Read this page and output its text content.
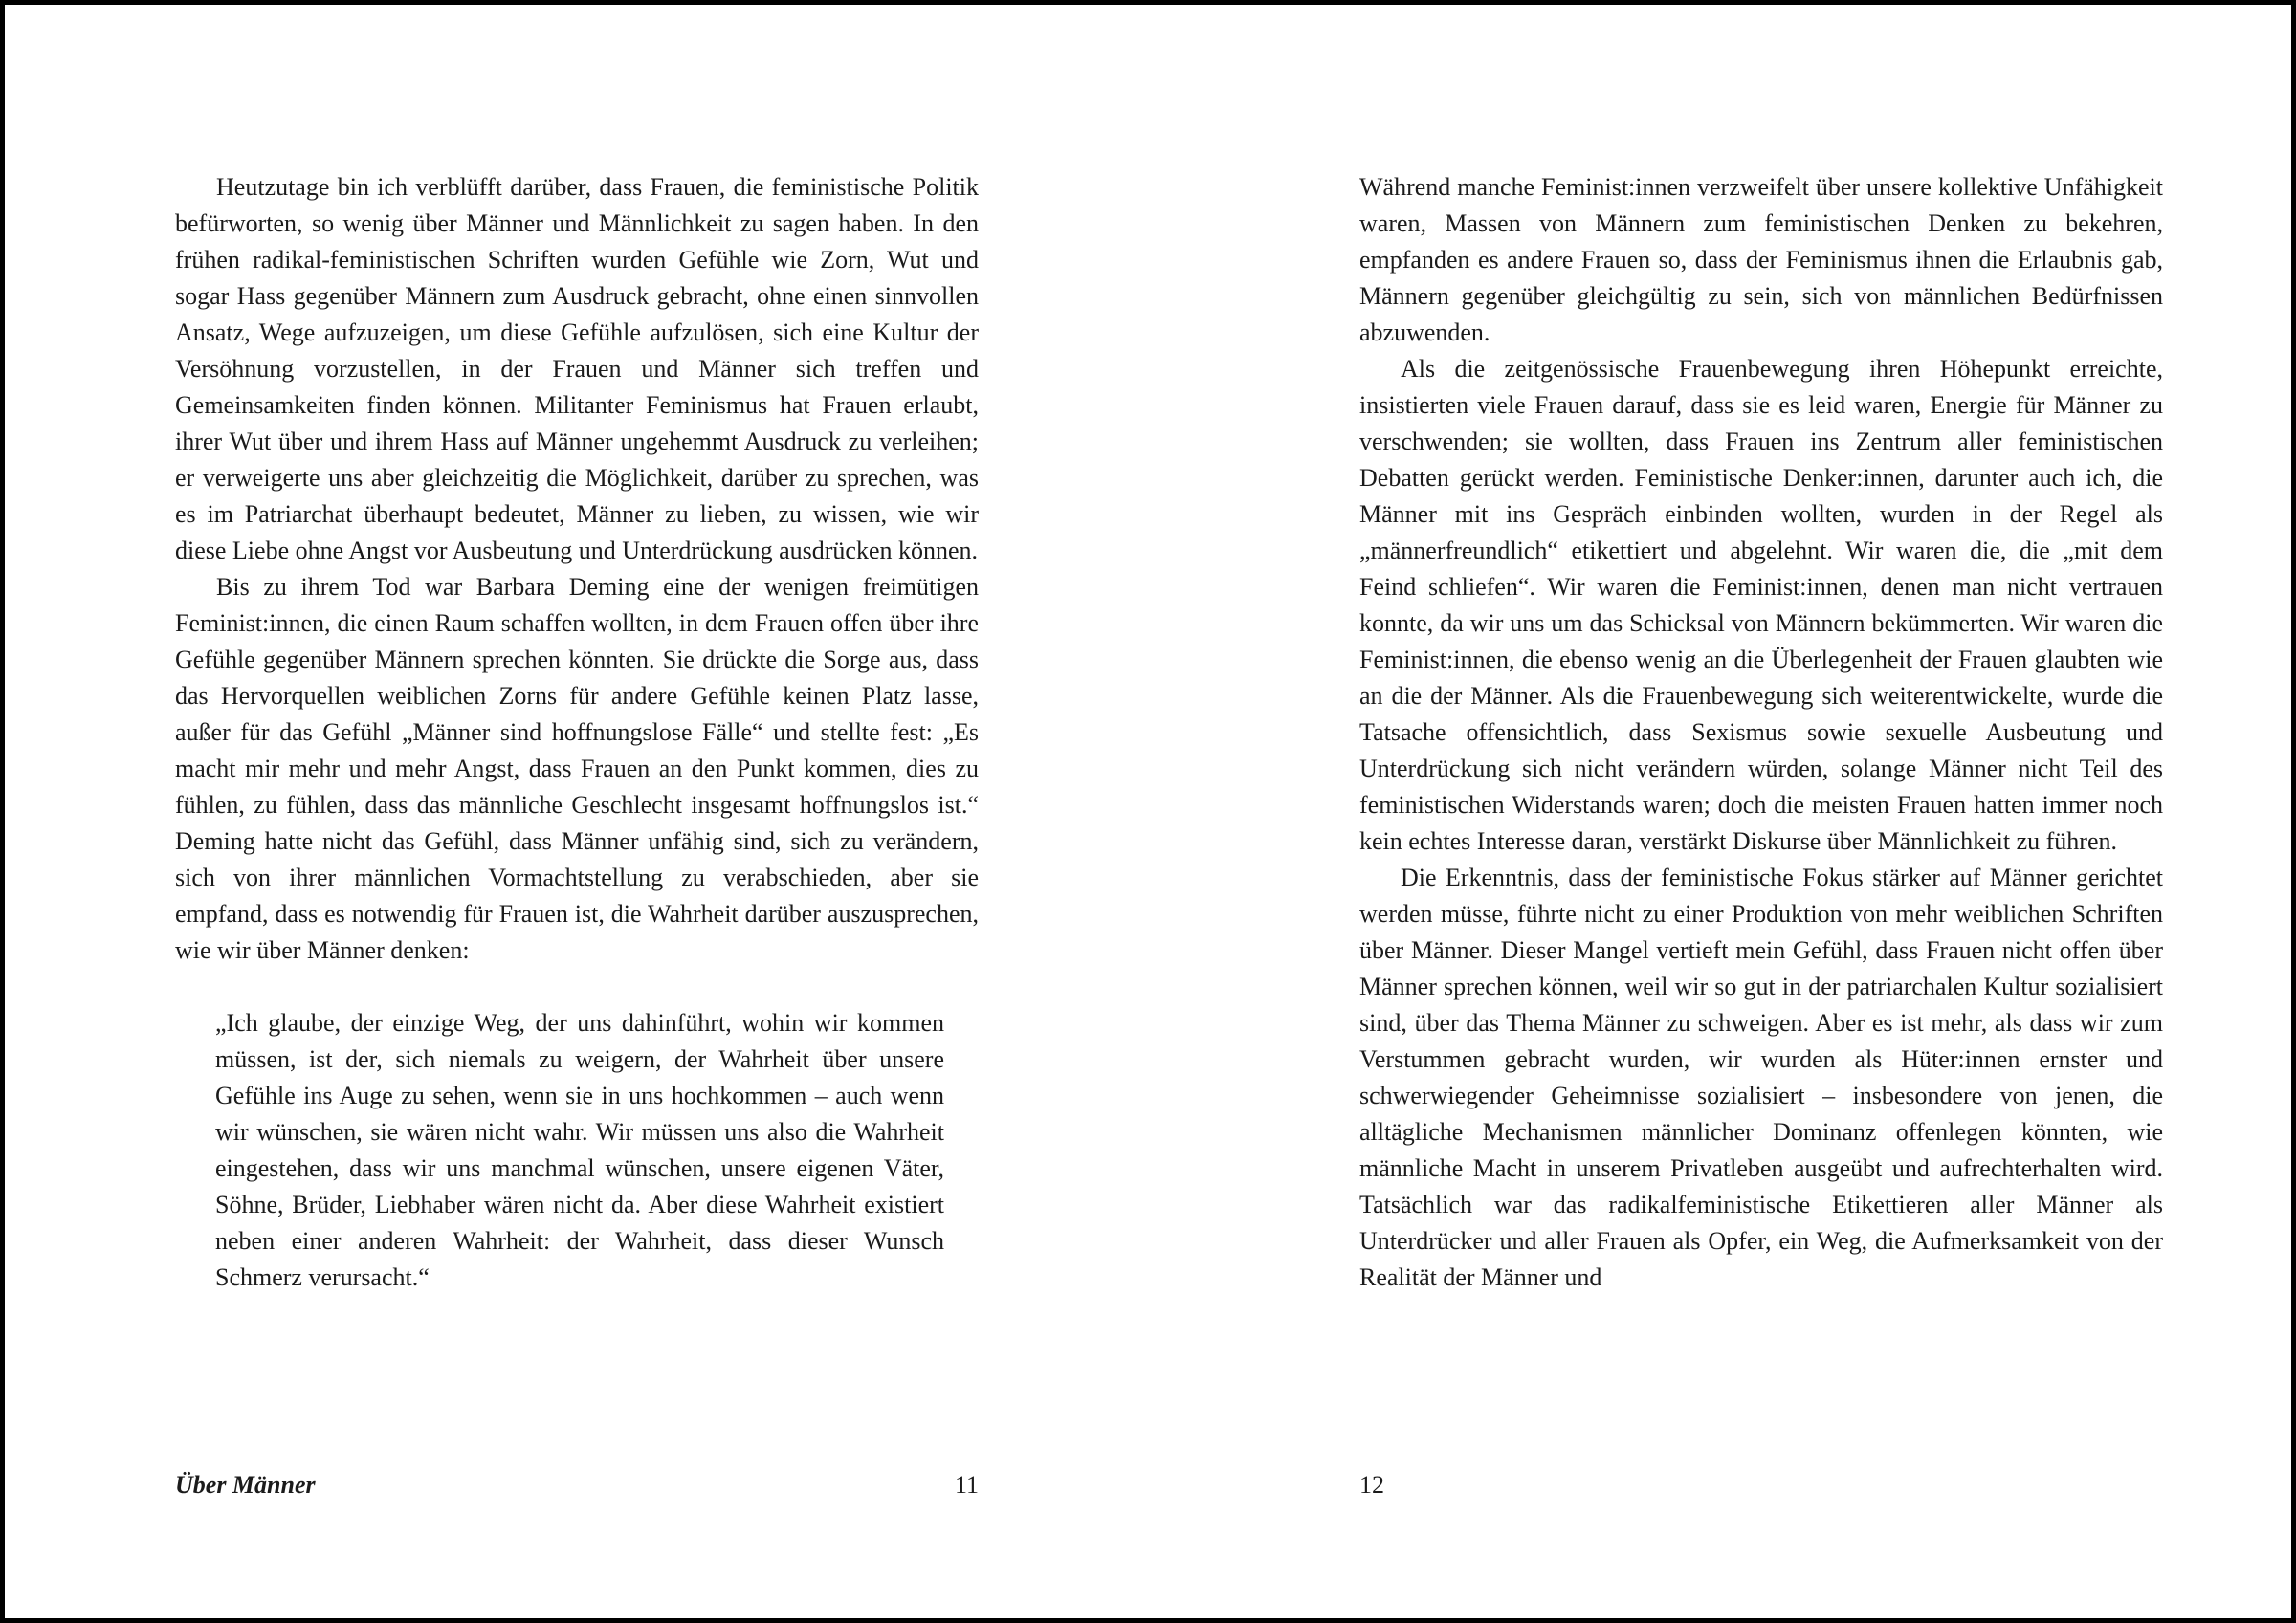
Heutzutage bin ich verblüfft darüber, dass Frauen, die feministische Politik befürworten, so wenig über Männer und Männlichkeit zu sagen haben. In den frühen radikal-feministischen Schriften wurden Gefühle wie Zorn, Wut und sogar Hass gegenüber Männern zum Ausdruck gebracht, ohne einen sinnvollen Ansatz, Wege aufzuzeigen, um diese Gefühle aufzulösen, sich eine Kultur der Versöhnung vorzustellen, in der Frauen und Männer sich treffen und Gemeinsamkeiten finden können. Militanter Feminismus hat Frauen erlaubt, ihrer Wut über und ihrem Hass auf Männer ungehemmt Ausdruck zu verleihen; er verweigerte uns aber gleichzeitig die Möglichkeit, darüber zu sprechen, was es im Patriarchat überhaupt bedeutet, Männer zu lieben, zu wissen, wie wir diese Liebe ohne Angst vor Ausbeutung und Unterdrückung ausdrücken können.

Bis zu ihrem Tod war Barbara Deming eine der wenigen freimütigen Feminist:innen, die einen Raum schaffen wollten, in dem Frauen offen über ihre Gefühle gegenüber Männern sprechen könnten. Sie drückte die Sorge aus, dass das Hervorquellen weiblichen Zorns für andere Gefühle keinen Platz lasse, außer für das Gefühl „Männer sind hoffnungslose Fälle“ und stellte fest: „Es macht mir mehr und mehr Angst, dass Frauen an den Punkt kommen, dies zu fühlen, zu fühlen, dass das männliche Geschlecht insgesamt hoffnungslos ist.“ Deming hatte nicht das Gefühl, dass Männer unfähig sind, sich zu verändern, sich von ihrer männlichen Vormachtstellung zu verabschieden, aber sie empfand, dass es notwendig für Frauen ist, die Wahrheit darüber auszusprechen, wie wir über Männer denken:

„Ich glaube, der einzige Weg, der uns dahinführt, wohin wir kommen müssen, ist der, sich niemals zu weigern, der Wahrheit über unsere Gefühle ins Auge zu sehen, wenn sie in uns hochkommen – auch wenn wir wünschen, sie wären nicht wahr. Wir müssen uns also die Wahrheit eingestehen, dass wir uns manchmal wünschen, unsere eigenen Väter, Söhne, Brüder, Liebhaber wären nicht da. Aber diese Wahrheit existiert neben einer anderen Wahrheit: der Wahrheit, dass dieser Wunsch Schmerz verursacht.“

Während manche Feminist:innen verzweifelt über unsere kollektive Unfähigkeit waren, Massen von Männern zum feministischen Denken zu bekehren, empfanden es andere Frauen so, dass der Feminismus ihnen die Erlaubnis gab, Männern gegenüber gleichgültig zu sein, sich von männlichen Bedürfnissen abzuwenden.

Als die zeitgenössische Frauenbewegung ihren Höhepunkt erreichte, insistierten viele Frauen darauf, dass sie es leid waren, Energie für Männer zu verschwenden; sie wollten, dass Frauen ins Zentrum aller feministischen Debatten gerückt werden. Feministische Denker:innen, darunter auch ich, die Männer mit ins Gespräch einbinden wollten, wurden in der Regel als „männerfreundlich“ etikettiert und abgelehnt. Wir waren die, die „mit dem Feind schliefen“. Wir waren die Feminist:innen, denen man nicht vertrauen konnte, da wir uns um das Schicksal von Männern bekümmerten. Wir waren die Feminist:innen, die ebenso wenig an die Überlegenheit der Frauen glaubten wie an die der Männer. Als die Frauenbewegung sich weiterentwickelte, wurde die Tatsache offensichtlich, dass Sexismus sowie sexuelle Ausbeutung und Unterdrückung sich nicht verändern würden, solange Männer nicht Teil des feministischen Widerstands waren; doch die meisten Frauen hatten immer noch kein echtes Interesse daran, verstärkt Diskurse über Männlichkeit zu führen.

Die Erkenntnis, dass der feministische Fokus stärker auf Männer gerichtet werden müsse, führte nicht zu einer Produktion von mehr weiblichen Schriften über Männer. Dieser Mangel vertieft mein Gefühl, dass Frauen nicht offen über Männer sprechen können, weil wir so gut in der patriarchalen Kultur sozialisiert sind, über das Thema Männer zu schweigen. Aber es ist mehr, als dass wir zum Verstummen gebracht wurden, wir wurden als Hüter:innen ernster und schwerwiegender Geheimnisse sozialisiert – insbesondere von jenen, die alltägliche Mechanismen männlicher Dominanz offenlegen könnten, wie männliche Macht in unserem Privatleben ausgeübt und aufrechterhalten wird. Tatsächlich war das radikalfeministische Etikettieren aller Männer als Unterdrücker und aller Frauen als Opfer, ein Weg, die Aufmerksamkeit von der Realität der Männer und

Über Männer	11	12
